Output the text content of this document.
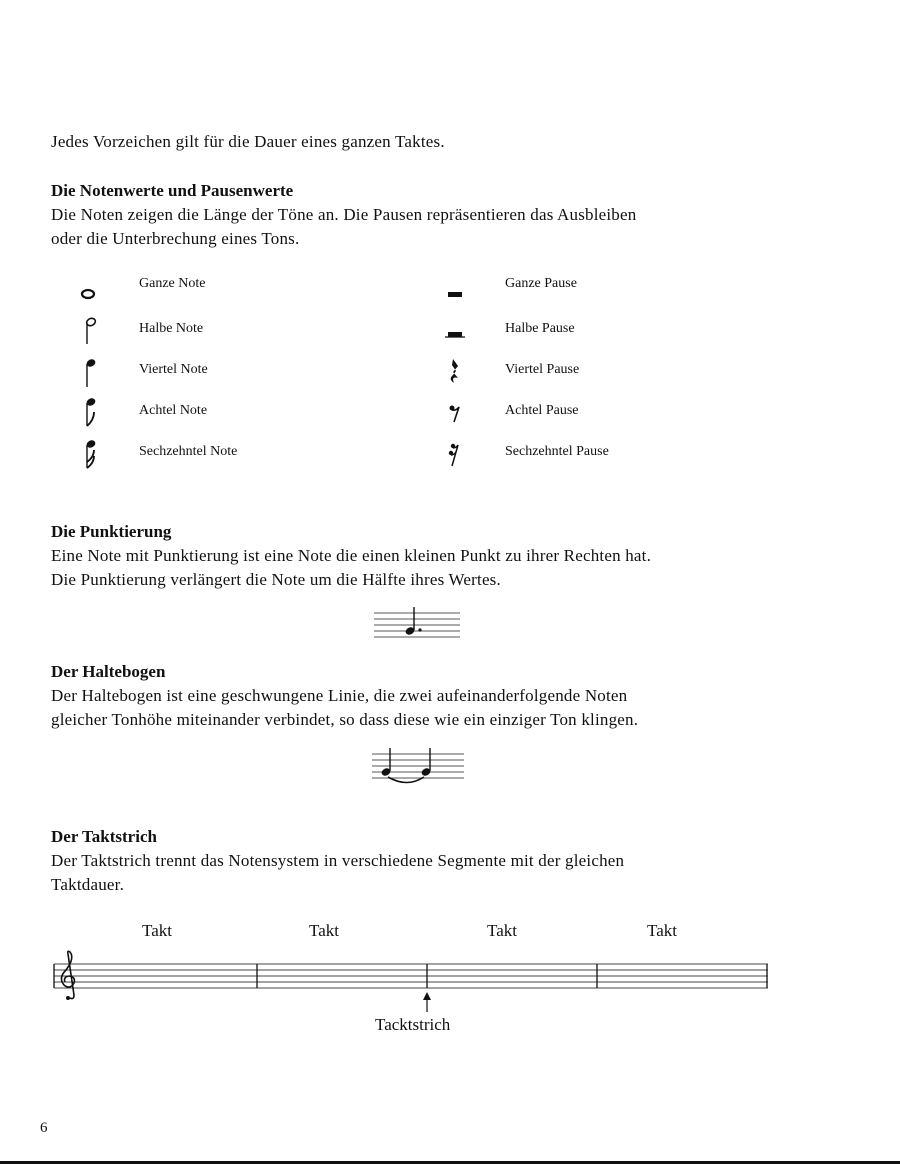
Jedes Vorzeichen gilt für die Dauer eines ganzen Taktes.

Die Notenwerte und Pausenwerte

Die Noten zeigen die Länge der Töne an. Die Pausen repräsentieren das Ausbleiben
oder die Unterbrechung eines Tons.

Ganze Note	Ganze Pause
Halbe Note	Halbe Pause
Viertel Note	Viertel Pause
Achtel Note	Achtel Pause
Sechzehntel Note	Sechzehntel Pause

Die Punktierung

Eine Note mit Punktierung ist eine Note die einen kleinen Punkt zu ihrer Rechten hat.
Die Punktierung verlängert die Note um die Hälfte ihres Wertes.

Der Haltebogen

Der Haltebogen ist eine geschwungene Linie, die zwei aufeinanderfolgende Noten
gleicher Tonhöhe miteinander verbindet, so dass diese wie ein einziger Ton klingen.

Der Taktstrich

Der Taktstrich trennt das Notensystem in verschiedene Segmente mit der gleichen
Taktdauer.

Takt	Takt	Takt	Takt
Tacktstrich
6
